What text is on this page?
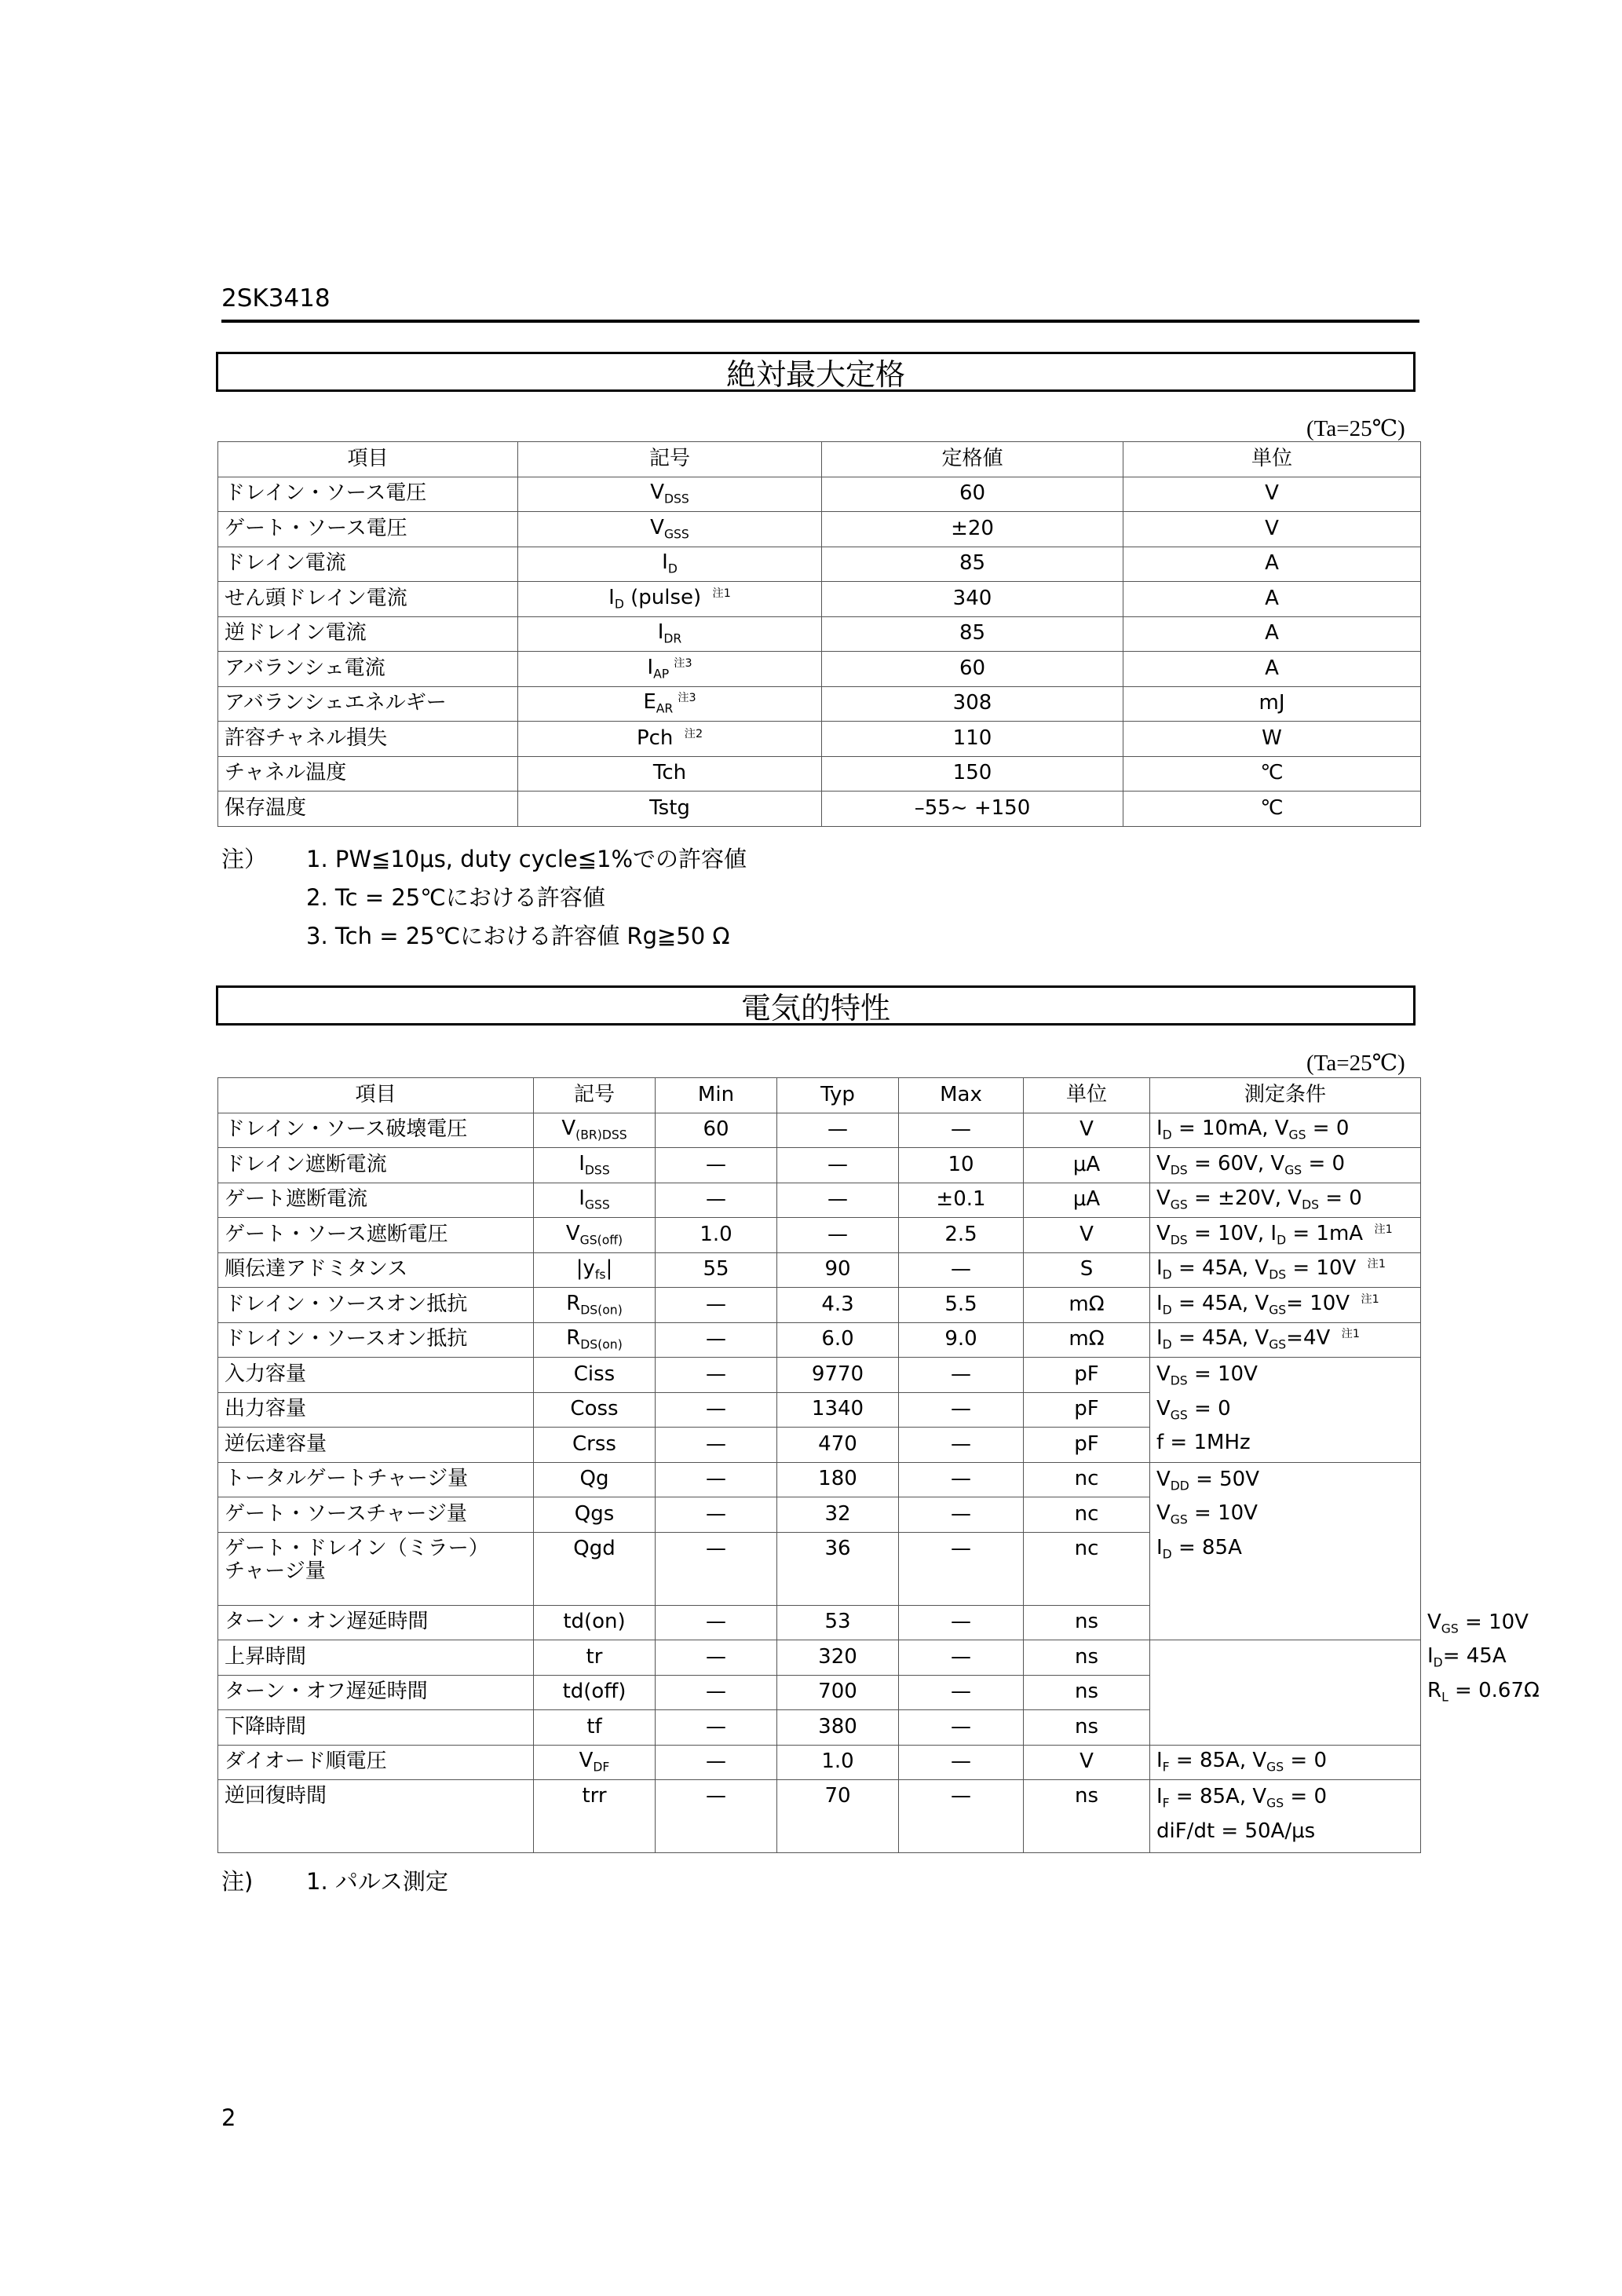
2SK3418
絶対最大定格
(Ta=25℃)
項目	記号	定格値	単位
ドレイン・ソース電圧	$V_{DSS}$	60	V
ゲート・ソース電圧	$V_{GSS}$	±20	V
ドレイン電流	$I_D$	85	A
せん頭ドレイン電流	$I_D$ (pulse) $^{注1}$	340	A
逆ドレイン電流	$I_{DR}$	85	A
アバランシェ電流	$I_{AP}^{注3}$	60	A
アバランシェエネルギー	$E_{AR}^{注3}$	308	mJ
許容チャネル損失	Pch $^{注2}$	110	W
チャネル温度	Tch	150	℃
保存温度	Tstg	–55~ +150	℃
注） 1. PW≦10μs, duty cycle≦1%での許容値
2. Tc = 25℃における許容値
3. Tch = 25℃における許容値 Rg≧50 Ω
電気的特性
(Ta=25℃)
項目	記号	Min	Typ	Max	単位	測定条件	
ドレイン・ソース破壊電圧	$V_{(BR)DSS}$	60	—	—	V	$I_D = 10mA$, $V_{GS} = 0$	
ドレイン遮断電流	$I_{DSS}$	—	—	10	μA	$V_{DS} = 60V$, $V_{GS} = 0$	
ゲート遮断電流	$I_{GSS}$	—	—	±0.1	μA	$V_{GS} = \pm 20V$, $V_{DS} = 0$	
ゲート・ソース遮断電圧	$V_{GS(off)}$	1.0	—	2.5	V	$V_{DS} = 10V$, $I_D = 1mA$ $^{注1}$
順伝達アドミタンス	$|y_{fs}|$	55	90	—	S	$I_D = 45A$, $V_{DS} = 10V$ $^{注1}$
ドレイン・ソースオン抵抗	$R_{DS(on)}$	—	4.3	5.5	mΩ	$I_D = 45A$, $V_{GS}= 10V$ $^{注1}$
ドレイン・ソースオン抵抗	$R_{DS(on)}$	—	6.0	9.0	mΩ	$I_D = 45A$, $V_{GS}=4V$ $^{注1}$
入力容量	Ciss	—	9770	—	pF	$V_{DS} = 10V$
$V_{GS} = 0$
f = 1MHz	

出力容量	Coss	—	1340	—	pF		
逆伝達容量	Crss	—	470	—	pF		
トータルゲートチャージ量	Qg	—	180	—	nc	$V_{DD} = 50V$
$V_{GS} = 10V$
$I_D = 85A$	

ゲート・ソースチャージ量	Qgs	—	32	—	nc		
ゲート・ドレイン（ミラー）
チャージ量	Qgd	—	36	—	nc		
ターン・オン遅延時間	td(on)	—	53	—	ns		$V_{GS} = 10V$
$I_D= 45A$
$R_L = 0.67\Omega$

上昇時間	tr	—	320	—	ns		
ターン・オフ遅延時間	td(off)	—	700	—	ns		
下降時間	tf	—	380	—	ns		
ダイオード順電圧	$V_{DF}$	—	1.0	—	V	$I_F = 85A$, $V_{GS} = 0$	
逆回復時間	trr	—	70	—	ns	$I_F = 85A$, $V_{GS} = 0$
diF/dt = 50A/μs	
注) 1. パルス測定
2
